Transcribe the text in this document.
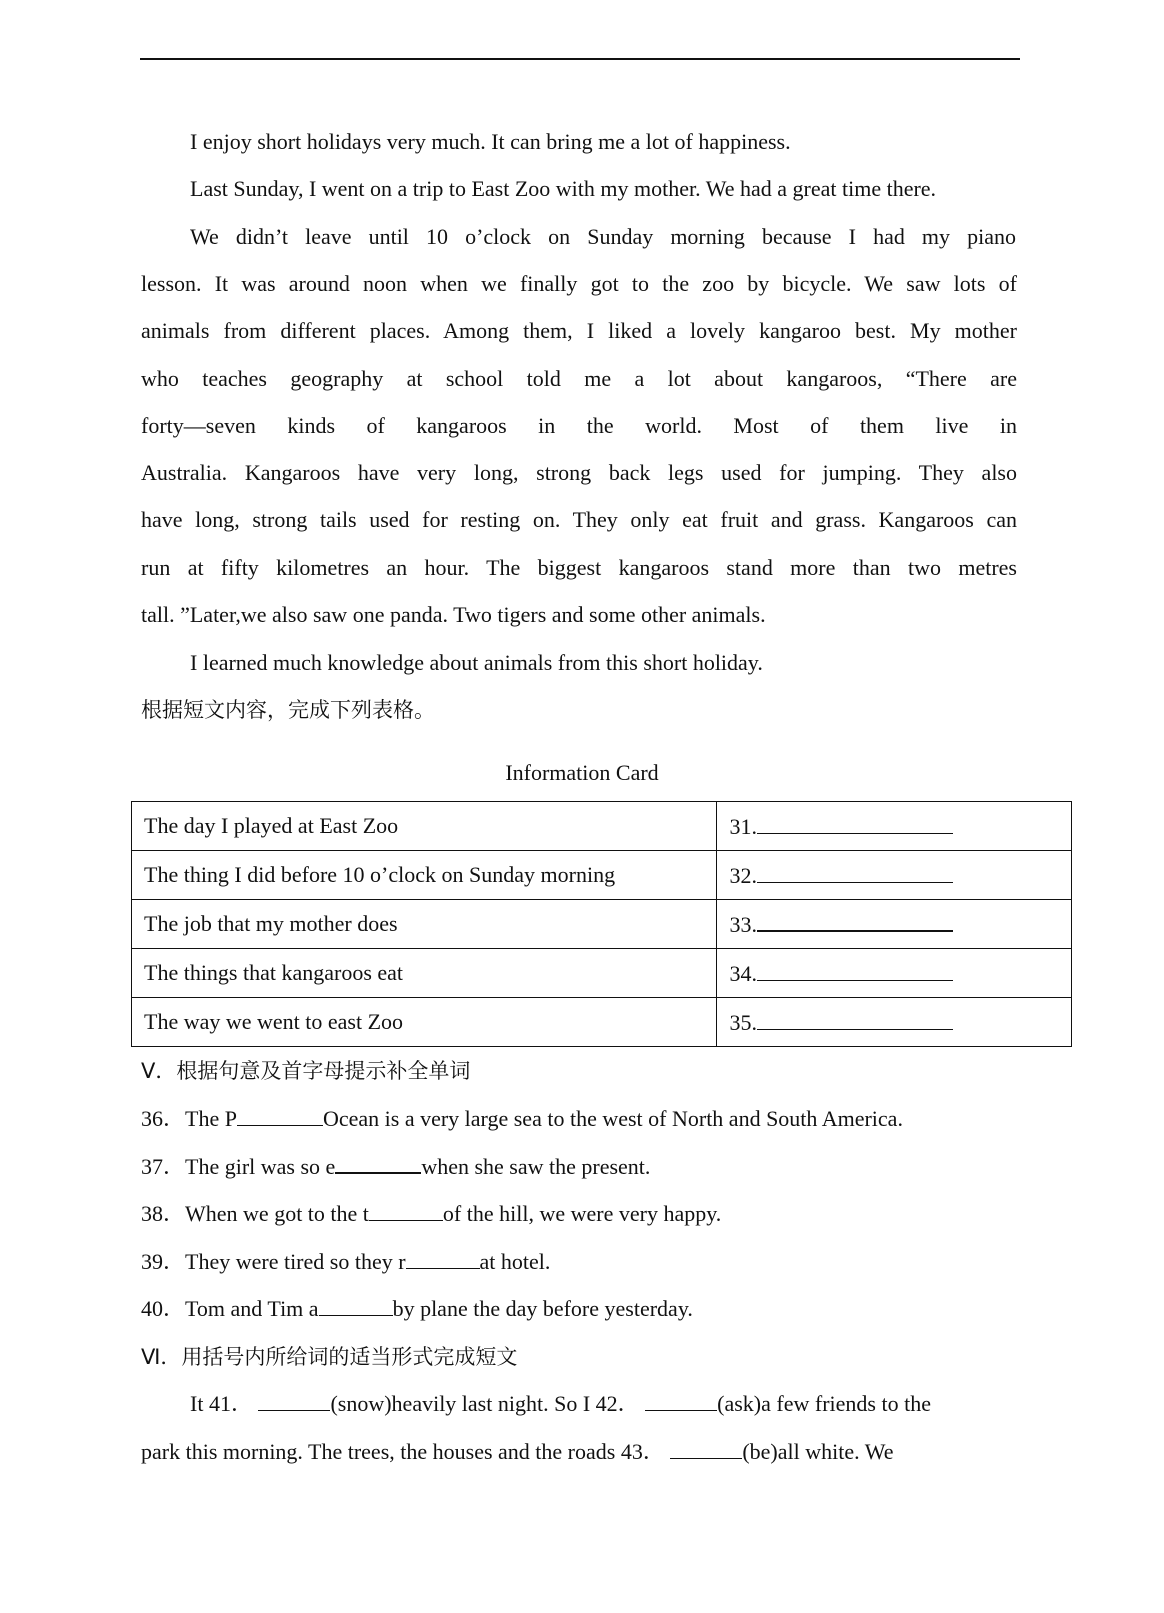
I enjoy short holidays very much. It can bring me a lot of happiness.
Last Sunday, I went on a trip to East Zoo with my mother. We had a great time there.
We didn’t leave until 10 o’clock on Sunday morning because I had my piano
lesson. It was around noon when we finally got to the zoo by bicycle. We saw lots of
animals from different places. Among them, I liked a lovely kangaroo best. My mother
who teaches geography at school told me a lot about kangaroos, “There are
forty—seven kinds of kangaroos in the world. Most of them live in
Australia. Kangaroos have very long, strong back legs used for jumping. They also
have long, strong tails used for resting on. They only eat fruit and grass. Kangaroos can
run at fifty kilometres an hour. The biggest kangaroos stand more than two metres
tall. ”Later,we also saw one panda. Two tigers and some other animals.
I learned much knowledge about animals from this short holiday.
根据短文内容，完成下列表格。
Information Card
The day I played at East Zoo	31.
The thing I did before 10 o’clock on Sunday morning	32.
The job that my mother does	33.
The things that kangaroos eat	34.
The way we went to east Zoo	35.
V．根据句意及首字母提示补全单词
36．The P	Ocean is a very large sea to the west of North and South America.
37．The girl was so e	when she saw the present.
38．When we got to the t	of the hill, we were very happy.
39．They were tired so they r	at hotel.
40．Tom and Tim a	by plane the day before yesterday.
Ⅵ．用括号内所给词的适当形式完成短文
It 41．	(snow)heavily last night. So I 42．	(ask)a few friends to the
park this morning. The trees, the houses and the roads 43．	(be)all white. We
